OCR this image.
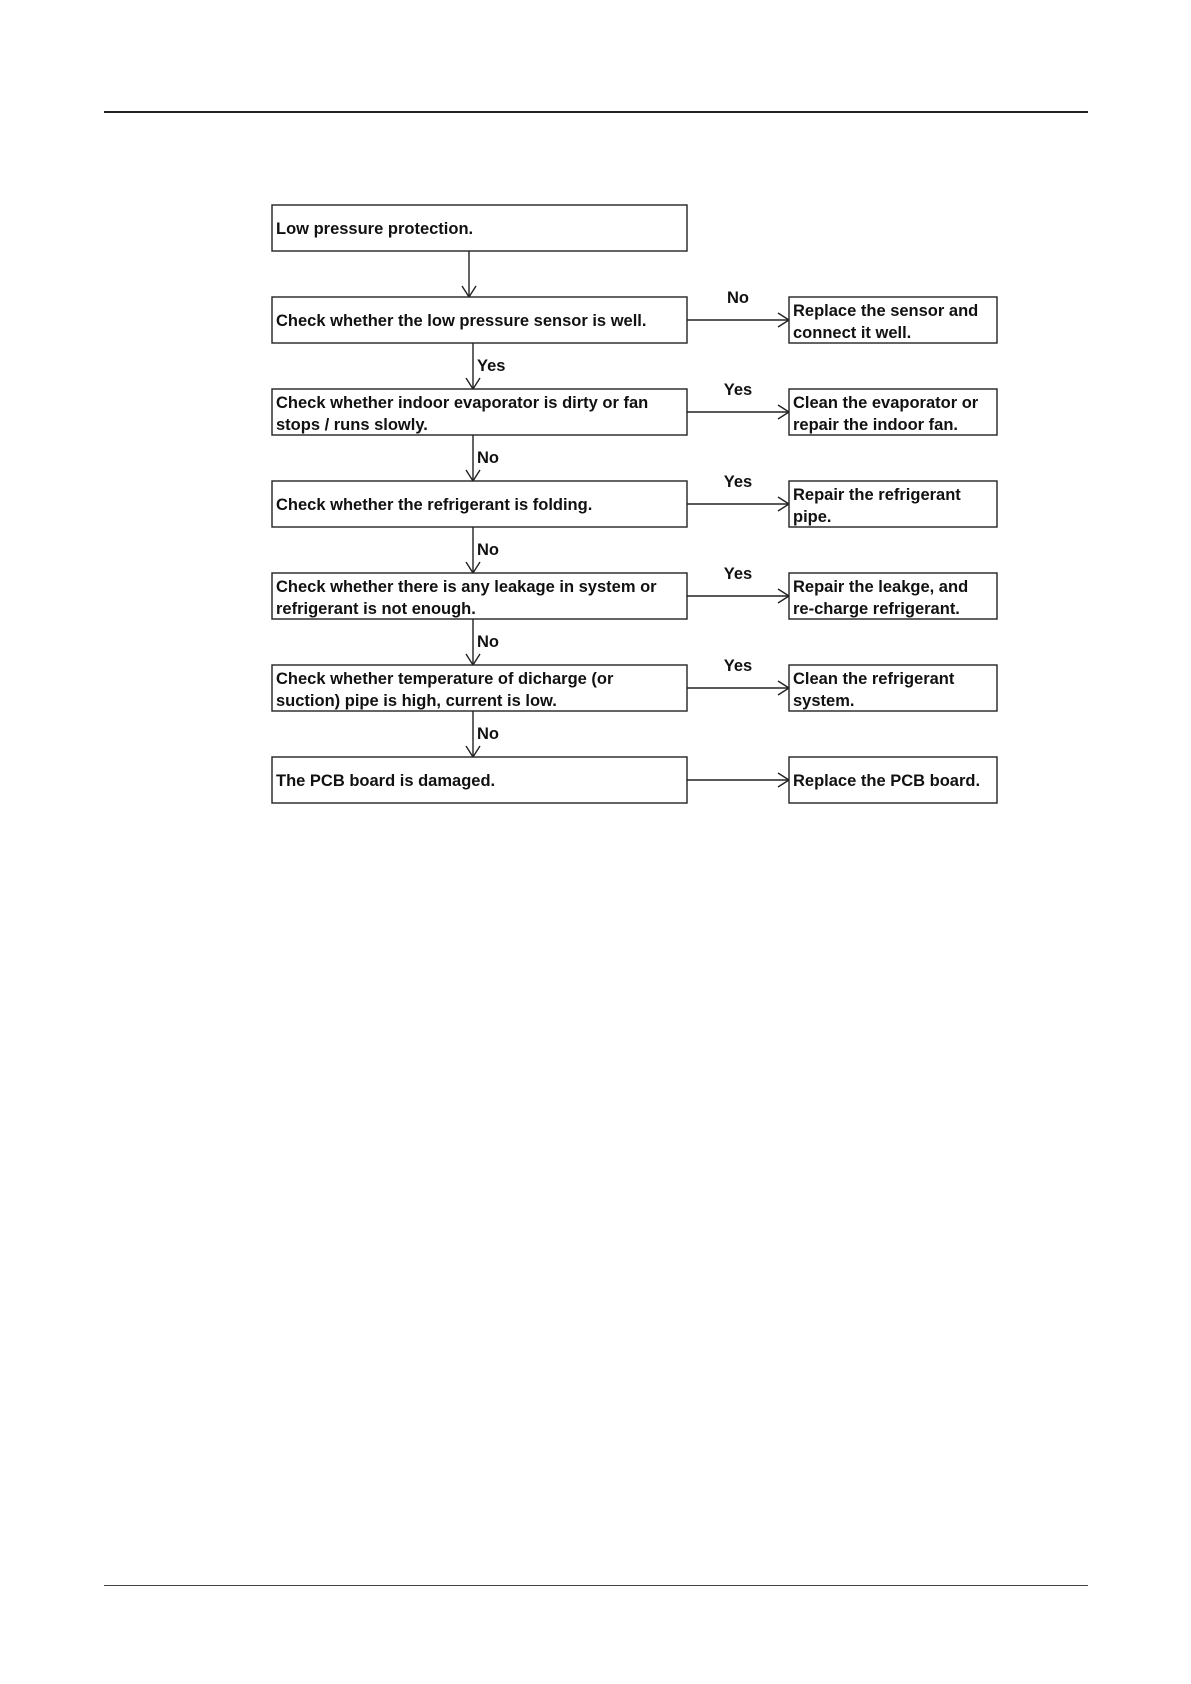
No
Yes
Yes
No
Yes
No
Yes
No
Yes
No
Low pressure protection.
Check whether the low pressure sensor is well.
Replace the sensor and
connect it well.
Check whether indoor evaporator is dirty or fan
stops / runs slowly.
Clean the evaporator or
repair the indoor fan.
Check whether the refrigerant is folding.
Repair the refrigerant
pipe.
Check whether there is any leakage in system or
refrigerant is not enough.
Repair the leakge, and
re-charge refrigerant.
Check whether temperature of dicharge (or
suction) pipe is high, current is low.
Clean the refrigerant
system.
The PCB board is damaged.	Replace the PCB board.
